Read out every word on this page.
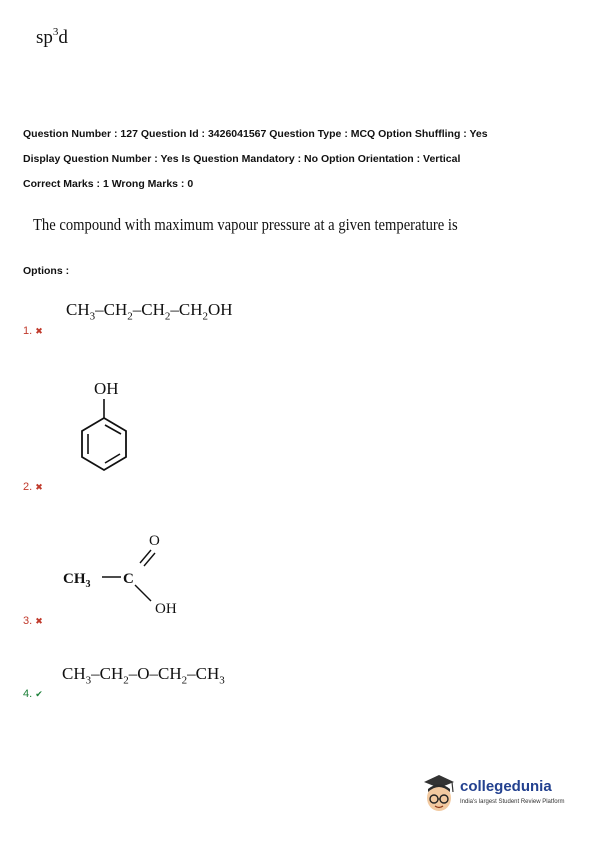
$sp^3d$
Question Number : 127 Question Id : 3426041567 Question Type : MCQ Option Shuffling : Yes
Display Question Number : Yes Is Question Mandatory : No Option Orientation : Vertical
Correct Marks : 1 Wrong Marks : 0
The compound with maximum vapour pressure at a given temperature is
Options :
$CH_3-CH_2-CH_2-CH_2OH$
1. ✖
OH
2. ✖
O
$CH_3$ C
OH
3. ✖
$CH_3-CH_2-O-CH_2-CH_3$
4. ✔
collegedunia
India's largest Student Review Platform
